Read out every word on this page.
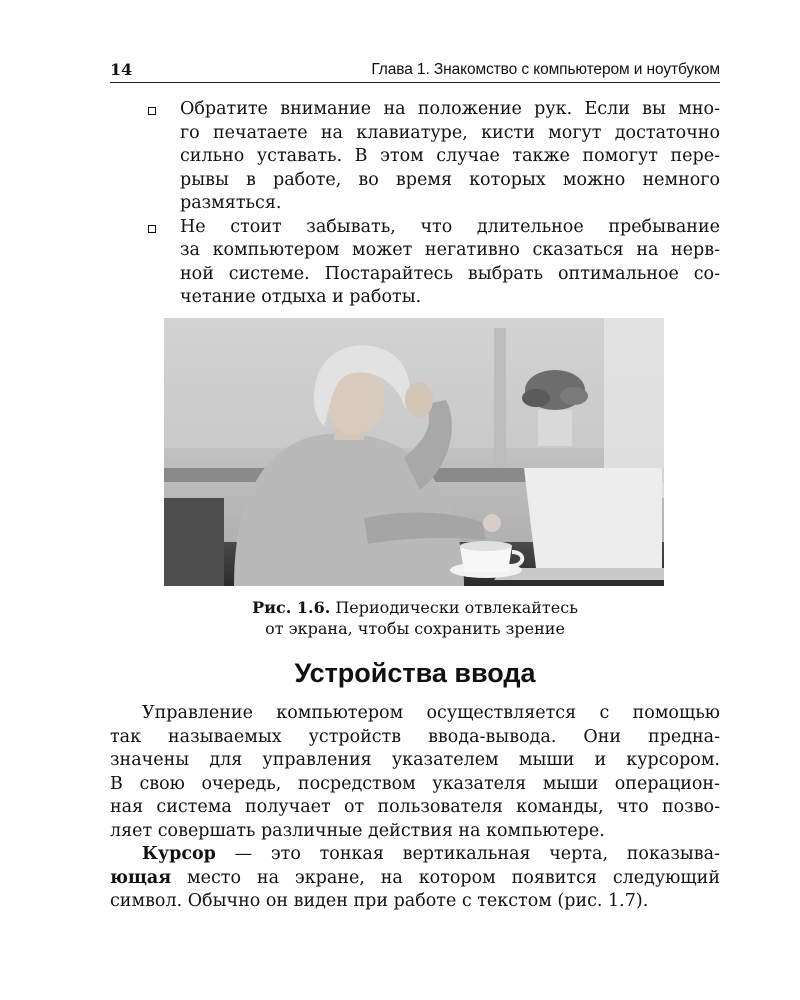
14	Глава 1. Знакомство с компьютером и ноутбуком
Обратите внимание на положение рук. Если вы мно-
го печатаете на клавиатуре, кисти могут достаточно
сильно уставать. В этом случае также помогут пере-
рывы в работе, во время которых можно немного
размяться.
Не стоит забывать, что длительное пребывание
за компьютером может негативно сказаться на нерв-
ной системе. Постарайтесь выбрать оптимальное со-
четание отдыха и работы.
Рис. 1.6. Периодически отвлекайтесь
от экрана, чтобы сохранить зрение
Устройства ввода
Управление компьютером осуществляется с помощью
так называемых устройств ввода-вывода. Они предна-
значены для управления указателем мыши и курсором.
В свою очередь, посредством указателя мыши операцион-
ная система получает от пользователя команды, что позво-
ляет совершать различные действия на компьютере.
Курсор — это тонкая вертикальная черта, показыва-
ющая место на экране, на котором появится следующий
символ. Обычно он виден при работе с текстом (рис. 1.7).
